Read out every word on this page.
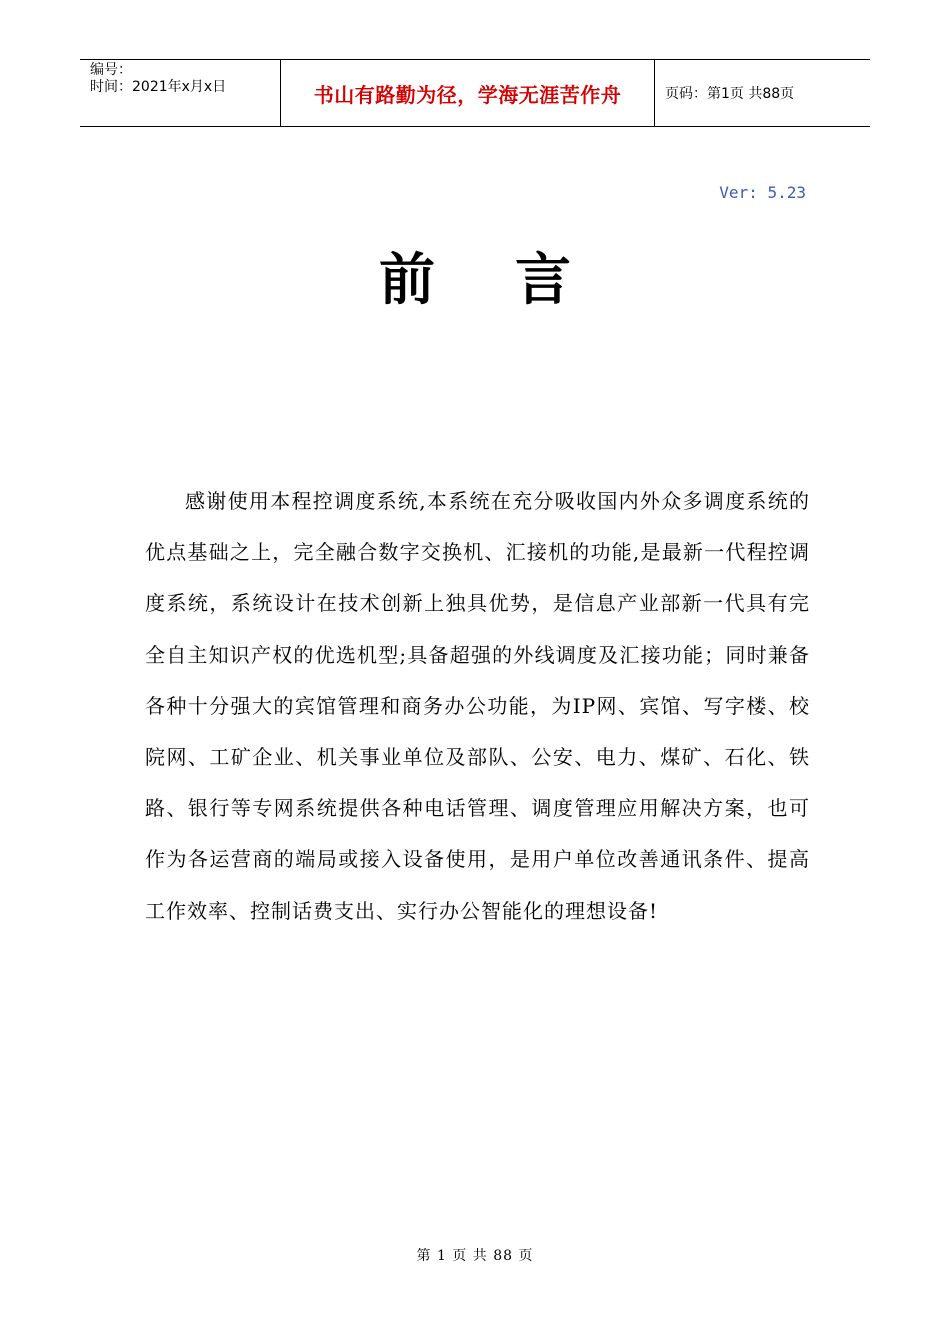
编号：
时间：2021年x月x日	书山有路勤为径，学海无涯苦作舟	页码：第1页 共88页
Ver: 5.23
前言
感谢使用本程控调度系统,本系统在充分吸收国内外众多调度系统的优点基础之上，完全融合数字交换机、汇接机的功能,是最新一代程控调度系统，系统设计在技术创新上独具优势，是信息产业部新一代具有完全自主知识产权的优选机型;具备超强的外线调度及汇接功能；同时兼备各种十分强大的宾馆管理和商务办公功能，为IP网、宾馆、写字楼、校院网、工矿企业、机关事业单位及部队、公安、电力、煤矿、石化、铁路、银行等专网系统提供各种电话管理、调度管理应用解决方案，也可作为各运营商的端局或接入设备使用，是用户单位改善通讯条件、提高工作效率、控制话费支出、实行办公智能化的理想设备!
第 1 页 共 88 页
